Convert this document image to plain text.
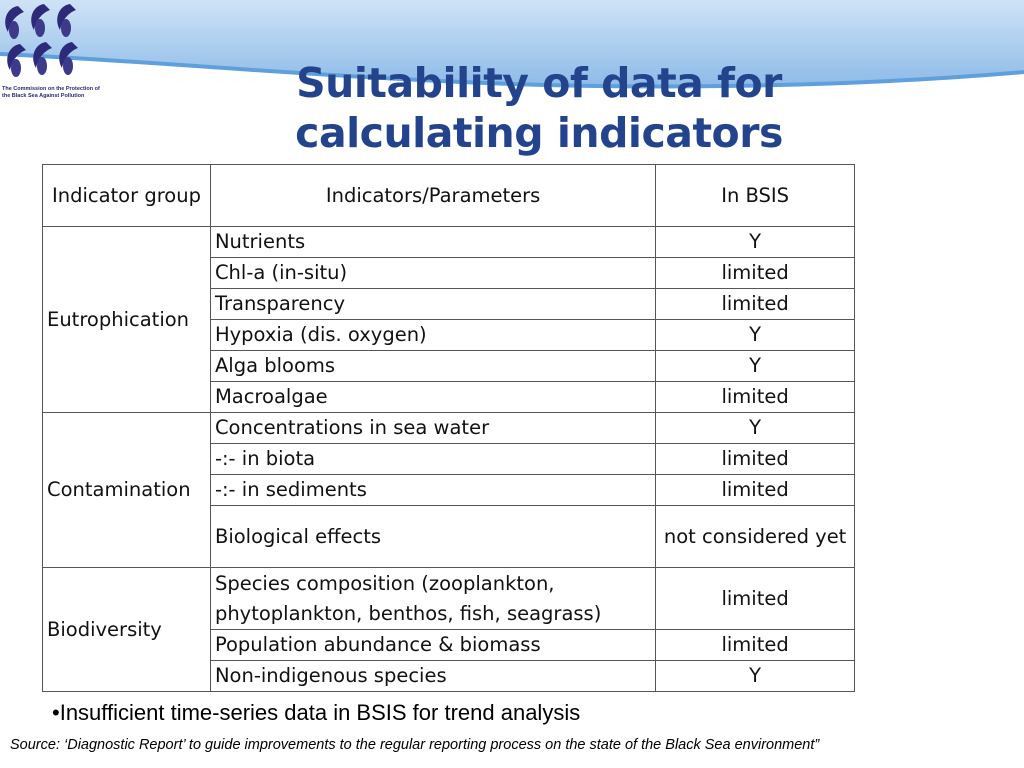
The Commission on the Protection of the Black Sea Against Pollution	Suitability of data for
calculating indicators
Indicator group	Indicators/Parameters	In BSIS
Eutrophication	Nutrients	Y
	Chl-a (in-situ)	limited
	Transparency	limited
	Hypoxia (dis. oxygen)	Y
	Alga blooms	Y
	Macroalgae	limited
Contamination	Concentrations in sea water	Y
	-:- in biota	limited
	-:- in sediments	limited
	Biological effects	not considered yet
Biodiversity	Species composition (zooplankton, phytoplankton, benthos, fish, seagrass)	limited
	Population abundance & biomass	limited
	Non-indigenous species	Y
•Insufficient time-series data in BSIS for trend analysis
Source: ‘Diagnostic Report’ to guide improvements to the regular reporting process on the state of the Black Sea environment”
